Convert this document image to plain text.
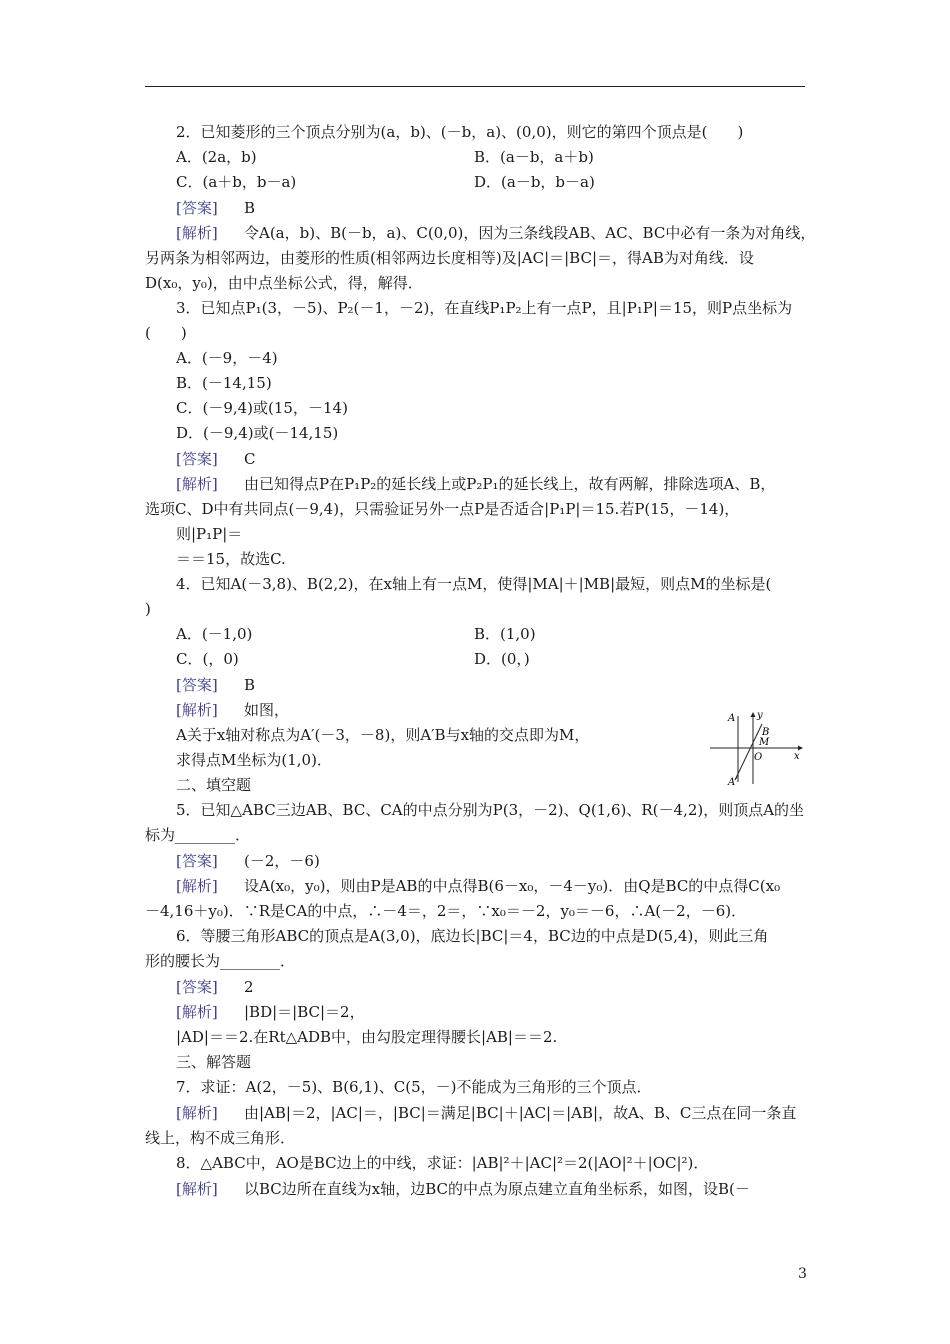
2．已知菱形的三个顶点分别为(a，b)、(－b，a)、(0,0)，则它的第四个顶点是(　　)
A．(2a，b)	B．(a－b，a＋b)
C．(a＋b，b－a)	D．(a－b，b－a)
[答案] B
[解析] 令A(a，b)、B(－b，a)、C(0,0)，因为三条线段AB、AC、BC中必有一条为对角线，
另两条为相邻两边，由菱形的性质(相邻两边长度相等)及|AC|＝|BC|＝，得AB为对角线．设
D(x₀，y₀)，由中点坐标公式，得，解得．
3．已知点P₁(3，－5)、P₂(－1，－2)，在直线P₁P₂上有一点P，且|P₁P|＝15，则P点坐标为
(　　)
A．(－9，－4)
B．(－14,15)
C．(－9,4)或(15，－14)
D．(－9,4)或(－14,15)
[答案] C
[解析] 由已知得点P在P₁P₂的延长线上或P₂P₁的延长线上，故有两解，排除选项A、B，
选项C、D中有共同点(－9,4)，只需验证另外一点P是否适合|P₁P|＝15.若P(15，－14)，
则|P₁P|＝
＝＝15，故选C.
4．已知A(－3,8)、B(2,2)，在x轴上有一点M，使得|MA|＋|MB|最短，则点M的坐标是(
)
A．(－1,0)	B．(1,0)
C．(，0)	D．(0，)
[答案] B
[解析] 如图，
A关于x轴对称点为A′(－3，－8)，则A′B与x轴的交点即为M，
求得点M坐标为(1,0)．
A y
B
M
O	x
A′
二、填空题
5．已知△ABC三边AB、BC、CA的中点分别为P(3，－2)、Q(1,6)、R(－4,2)，则顶点A的坐
标为________．
[答案] (－2，－6)
[解析] 设A(x₀，y₀)，则由P是AB的中点得B(6－x₀，－4－y₀)．由Q是BC的中点得C(x₀
－4,16＋y₀)．∵R是CA的中点，∴－4＝，2＝，∵x₀＝－2，y₀＝－6，∴A(－2，－6)．
6．等腰三角形ABC的顶点是A(3,0)，底边长|BC|＝4，BC边的中点是D(5,4)，则此三角
形的腰长为________．
[答案] 2
[解析] |BD|＝|BC|＝2，
|AD|＝＝2.在Rt△ADB中，由勾股定理得腰长|AB|＝＝2.
三、解答题
7．求证：A(2，－5)、B(6,1)、C(5，－)不能成为三角形的三个顶点．
[解析] 由|AB|＝2，|AC|＝，|BC|＝满足|BC|＋|AC|＝|AB|，故A、B、C三点在同一条直
线上，构不成三角形．
8．△ABC中，AO是BC边上的中线，求证：|AB|²＋|AC|²＝2(|AO|²＋|OC|²)．
[解析] 以BC边所在直线为x轴，边BC的中点为原点建立直角坐标系，如图，设B(－
3
